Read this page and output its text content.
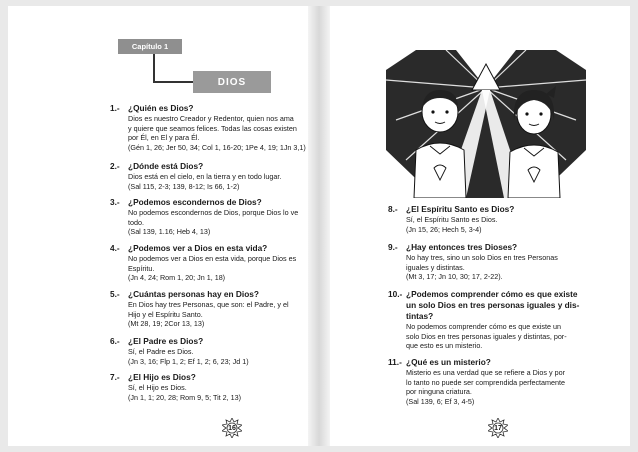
Capítulo 1
DIOS
1.- ¿Quién es Dios?

Dios es nuestro Creador y Redentor, quien nos ama

y quiere que seamos felices. Todas las cosas existen

por Él, en El y para Él.

(Gén 1, 26; Jer 50, 34; Col 1, 16-20; 1Pe 4, 19; 1Jn 3,1)
2.- ¿Dónde está Dios?

Dios está en el cielo, en la tierra y en todo lugar.

(Sal 115, 2-3; 139, 8-12; Is 66, 1-2)
3.- ¿Podemos escondernos de Dios?

No podemos escondernos de Dios, porque Dios lo ve

todo.

(Sal 139, 1.16; Heb 4, 13)
4.- ¿Podemos ver a Dios en esta vida?

No podemos ver a Dios en esta vida, porque Dios es

Espíritu.

(Jn 4, 24; Rom 1, 20; Jn 1, 18)
5.- ¿Cuántas personas hay en Dios?

En Dios hay tres Personas, que son: el Padre, y el

Hijo y el Espíritu Santo.

(Mt 28, 19; 2Cor 13, 13)
6.- ¿El Padre es Dios?

Sí, el Padre es Dios.

(Jn 3, 16; Flp 1, 2; Ef 1, 2; 6, 23; Jd 1)
7.- ¿El Hijo es Dios?

Sí, el Hijo es Dios.

(Jn 1, 1; 20, 28; Rom 9, 5; Tit 2, 13)
16
8.- ¿El Espíritu Santo es Dios?

Sí, el Espíritu Santo es Dios.

(Jn 15, 26; Hech 5, 3-4)
9.- ¿Hay entonces tres Dioses?

No hay tres, sino un solo Dios en tres Personas

iguales y distintas.

(Mt 3, 17; Jn 10, 30; 17, 2-22).
10.- ¿Podemos comprender cómo es que existe
un solo Dios en tres personas iguales y dis-
tintas?

No podemos comprender cómo es que existe un

solo Dios en tres personas iguales y distintas, por-

que esto es un misterio.

11.- ¿Qué es un misterio?

Misterio es una verdad que se refiere a Dios y por

lo tanto no puede ser comprendida perfectamente

por ninguna criatura.

(Sal 139, 6; Ef 3, 4-5)
17
